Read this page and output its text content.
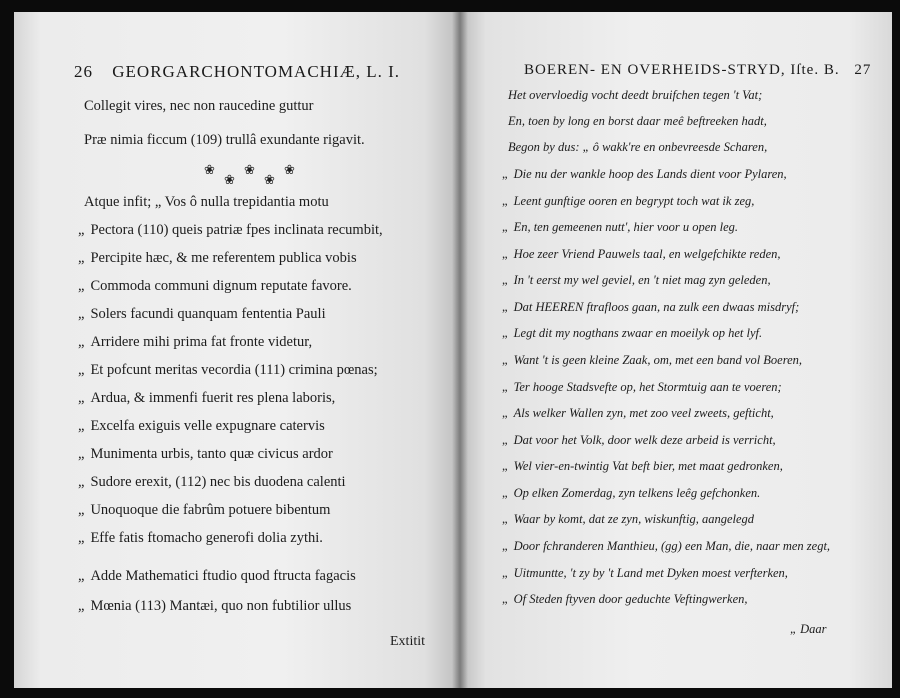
26 GEORGARCHONTOMACHIÆ, L. I.
Collegit vires, nec non raucedine guttur
Præ nimia ficcum (109) trullâ exundante rigavit.
❀
❀
❀
❀
❀
Atque infit; „ Vos ô nulla trepidantia motu
„ Pectora (110) queis patriæ fpes inclinata recumbit,
„ Percipite hæc, & me referentem publica vobis
„ Commoda communi dignum reputate favore.
„ Solers facundi quanquam fententia Pauli
„ Arridere mihi prima fat fronte videtur,
„ Et pofcunt meritas vecordia (111) crimina pœnas;
„ Ardua, & immenfi fuerit res plena laboris,
„ Excelfa exiguis velle expugnare catervis
„ Munimenta urbis, tanto quæ civicus ardor
„ Sudore erexit, (112) nec bis duodena calenti
„ Unoquoque die fabrûm potuere bibentum
„ Effe fatis ftomacho generofi dolia zythi.
„ Adde Mathematici ftudio quod ftructa fagacis
„ Mœnia (113) Mantæi, quo non fubtilior ullus
Extitit
BOEREN- EN OVERHEIDS-STRYD, Iſte. B. 27
Het overvloedig vocht deedt bruifchen tegen 't Vat;
En, toen by long en borst daar meê beftreeken hadt,
Begon by dus: „ ô wakk're en onbevreesde Scharen,
„ Die nu der wankle hoop des Lands dient voor Pylaren,
„ Leent gunftige ooren en begrypt toch wat ik zeg,
„ En, ten gemeenen nutt', hier voor u open leg.
„ Hoe zeer Vriend Pauwels taal, en welgefchikte reden,
„ In 't eerst my wel geviel, en 't niet mag zyn geleden,
„ Dat HEEREN ftrafloos gaan, na zulk een dwaas misdryf;
„ Legt dit my nogthans zwaar en moeilyk op het lyf.
„ Want 't is geen kleine Zaak, om, met een band vol Boeren,
„ Ter hooge Stadsvefte op, het Stormtuig aan te voeren;
„ Als welker Wallen zyn, met zoo veel zweets, gefticht,
„ Dat voor het Volk, door welk deze arbeid is verricht,
„ Wel vier-en-twintig Vat beft bier, met maat gedronken,
„ Op elken Zomerdag, zyn telkens leêg gefchonken.
„ Waar by komt, dat ze zyn, wiskunftig, aangelegd
„ Door fchranderen Manthieu, (gg) een Man, die, naar men zegt,
„ Uitmuntte, 't zy by 't Land met Dyken moest verfterken,
„ Of Steden ftyven door geduchte Veftingwerken,
„ Daar
